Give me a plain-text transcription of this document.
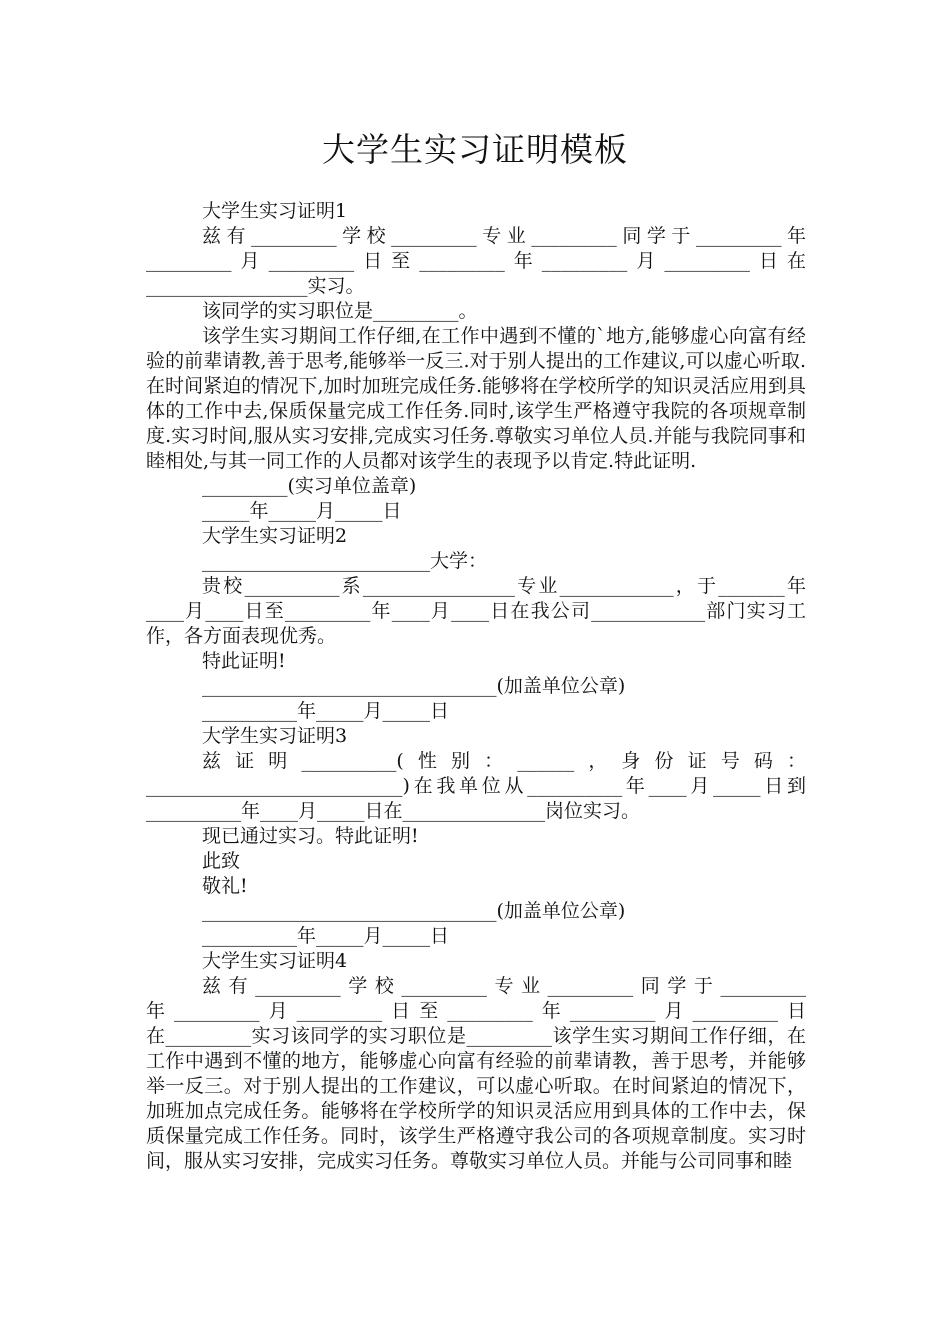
大学生实习证明模板

大学生实习证明1

兹有_________学校_________专业_________同学于_________年_________月_________日至_________年_________月_________日在_________________实习。

该同学的实习职位是_________。

该学生实习期间工作仔细,在工作中遇到不懂的`地方,能够虚心向富有经验的前辈请教,善于思考,能够举一反三.对于别人提出的工作建议,可以虚心听取.在时间紧迫的情况下,加时加班完成任务.能够将在学校所学的知识灵活应用到具体的工作中去,保质保量完成工作任务.同时,该学生严格遵守我院的各项规章制度.实习时间,服从实习安排,完成实习任务.尊敬实习单位人员.并能与我院同事和睦相处,与其一同工作的人员都对该学生的表现予以肯定.特此证明.

_________(实习单位盖章)

_____年_____月_____日

大学生实习证明2

________________________大学：

贵校__________系________________专业____________，于_______年____月____日至_________年____月____日在我公司____________部门实习工作，各方面表现优秀。

特此证明!

_______________________________(加盖单位公章)

__________年_____月_____日

大学生实习证明3

兹证明__________(性别：______，身份证号码：___________________________)在我单位从__________年____月_____日到__________年____月_____日在_______________岗位实习。

现已通过实习。特此证明!

此致

敬礼!

_______________________________(加盖单位公章)

__________年_____月_____日

大学生实习证明4

兹有_________学校_________专业_________同学于_________

年_________月_________日至_________年_________月_________日

在_________实习该同学的实习职位是_________该学生实习期间工作仔细，在工作中遇到不懂的地方，能够虚心向富有经验的前辈请教，善于思考，并能够举一反三。对于别人提出的工作建议，可以虚心听取。在时间紧迫的情况下，加班加点完成任务。能够将在学校所学的知识灵活应用到具体的工作中去，保质保量完成工作任务。同时，该学生严格遵守我公司的各项规章制度。实习时间，服从实习安排，完成实习任务。尊敬实习单位人员。并能与公司同事和睦
